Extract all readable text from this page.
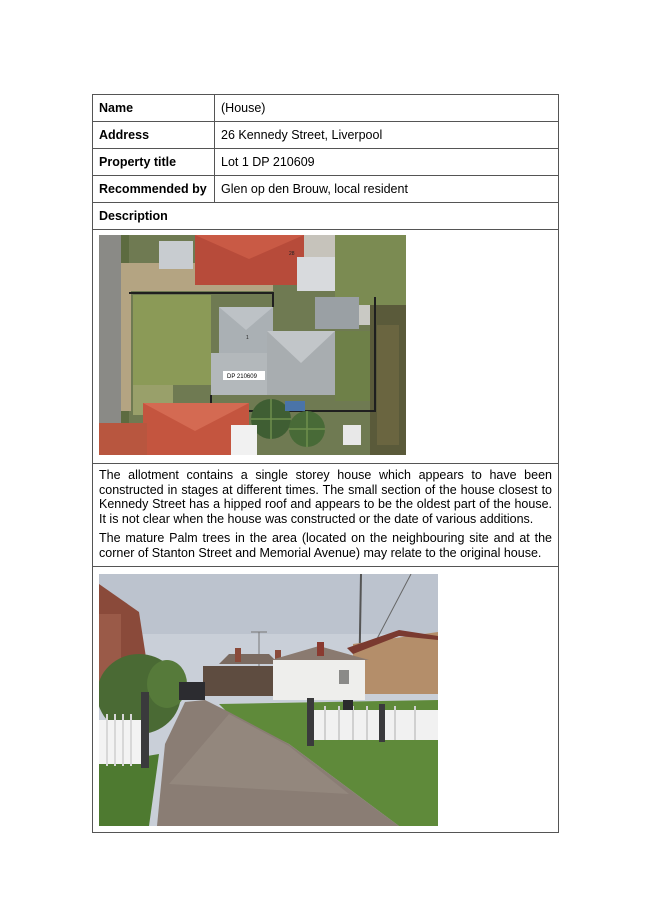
Name	(House)
Address	26 Kennedy Street, Liverpool
Property title	Lot 1 DP 210609
Recommended by	Glen op den Brouw, local resident
Description	

1
DP 210609
28	

The allotment contains a single storey house which appears to have been constructed in stages at different times. The small section of the house closest to Kennedy Street has a hipped roof and appears to be the oldest part of the house. It is not clear when the house was constructed or the date of various additions.

The mature Palm trees in the area (located on the neighbouring site and at the corner of Stanton Street and Memorial Avenue) may relate to the original house.	
